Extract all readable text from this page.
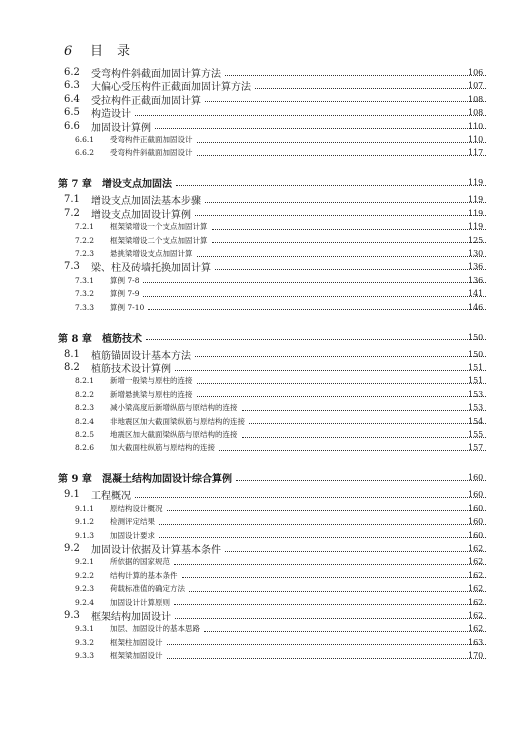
6	目录
6.2 受弯构件斜截面加固计算方法	106
6.3 大偏心受压构件正截面加固计算方法	107
6.4 受拉构件正截面加固计算	108
6.5 构造设计	108
6.6 加固设计算例	110
6.6.1 受弯构件正截面加固设计	110
6.6.2 受弯构件斜截面加固设计	117
第 7 章 增设支点加固法	119
7.1 增设支点加固法基本步骤	119
7.2 增设支点加固设计算例	119
7.2.1 框架梁增设一个支点加固计算	119
7.2.2 框架梁增设二个支点加固计算	125
7.2.3 悬挑梁增设支点加固计算	130
7.3 梁、柱及砖墙托换加固计算	136
7.3.1 算例 7-8	136
7.3.2 算例 7-9	141
7.3.3 算例 7-10	146
第 8 章 植筋技术	150
8.1 植筋锚固设计基本方法	150
8.2 植筋技术设计算例	151
8.2.1 新增一般梁与原柱的连接	151
8.2.2 新增悬挑梁与原柱的连接	153
8.2.3 减小梁高度后新增纵筋与原结构的连接	153
8.2.4 非地震区加大截面梁纵筋与原结构的连接	154
8.2.5 地震区加大截面梁纵筋与原结构的连接	155
8.2.6 加大截面柱纵筋与原结构的连接	157
第 9 章 混凝土结构加固设计综合算例	160
9.1 工程概况	160
9.1.1 原结构设计概况	160
9.1.2 检测评定结果	160
9.1.3 加固设计要求	160
9.2 加固设计依据及计算基本条件	162
9.2.1 所依据的国家规范	162
9.2.2 结构计算的基本条件	162
9.2.3 荷载标准值的确定方法	162
9.2.4 加固设计计算原则	162
9.3 框架结构加固设计	162
9.3.1 加层、加固设计的基本思路	162
9.3.2 框架柱加固设计	163
9.3.3 框架梁加固设计	170
